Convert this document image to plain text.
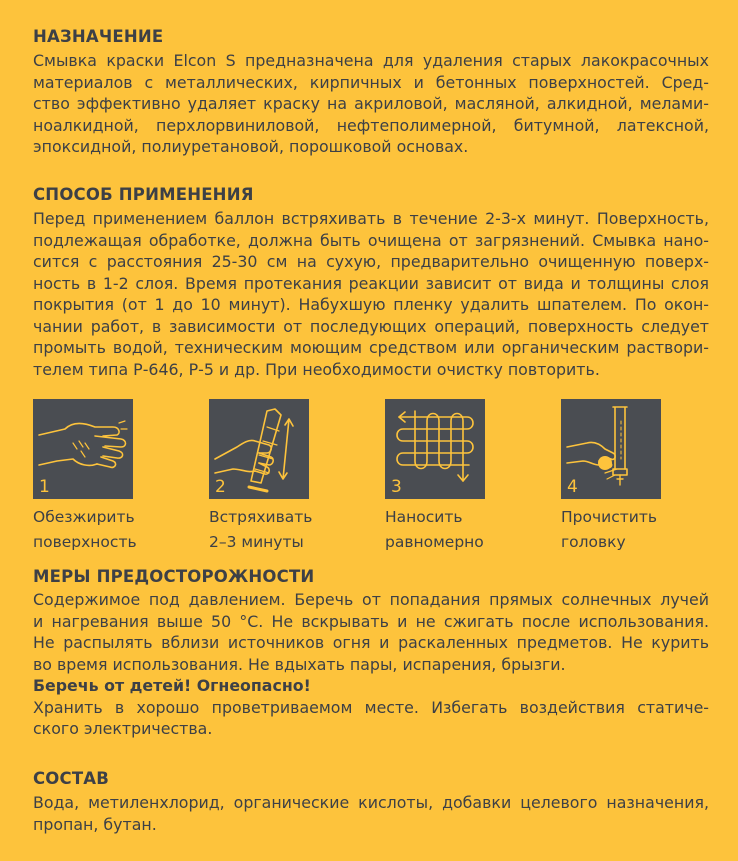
НАЗНАЧЕНИЕ
Смывка краски Elcon S предназначена для удаления старых лакокрасочных
материалов с металлических, кирпичных и бетонных поверхностей. Сред-
ство эффективно удаляет краску на акриловой, масляной, алкидной, мелами-
ноалкидной, перхлорвиниловой, нефтеполимерной, битумной, латексной,
эпоксидной, полиуретановой, порошковой основах.
СПОСОБ ПРИМЕНЕНИЯ
Перед применением баллон встряхивать в течение 2-3-х минут. Поверхность,
подлежащая обработке, должна быть очищена от загрязнений. Смывка нано-
сится с расстояния 25-30 см на сухую, предварительно очищенную поверх-
ность в 1-2 слоя. Время протекания реакции зависит от вида и толщины слоя
покрытия (от 1 до 10 минут). Набухшую пленку удалить шпателем. По окон-
чании работ, в зависимости от последующих операций, поверхность следует
промыть водой, техническим моющим средством или органическим раствори-
телем типа Р-646, Р-5 и др. При необходимости очистку повторить.
1
Обезжирить
поверхность
2
Встряхивать
2–3 минуты
3
Наносить
равномерно
4
Прочистить
головку
МЕРЫ ПРЕДОСТОРОЖНОСТИ
Содержимое под давлением. Беречь от попадания прямых солнечных лучей
и нагревания выше 50 °С. Не вскрывать и не сжигать после использования.
Не распылять вблизи источников огня и раскаленных предметов. Не курить
во время использования. Не вдыхать пары, испарения, брызги.
Беречь от детей! Огнеопасно!
Хранить в хорошо проветриваемом месте. Избегать воздействия статиче-
ского электричества.
СОСТАВ
Вода, метиленхлорид, органические кислоты, добавки целевого назначения,
пропан, бутан.
